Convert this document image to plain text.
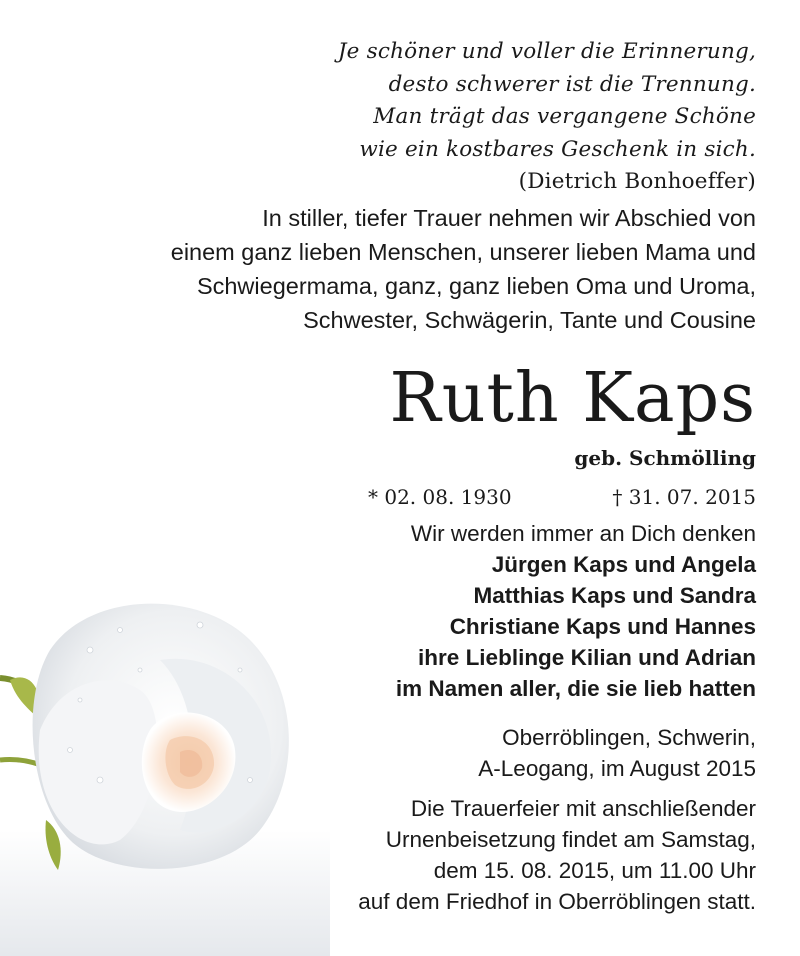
Je schöner und voller die Erinnerung,
desto schwerer ist die Trennung.
Man trägt das vergangene Schöne
wie ein kostbares Geschenk in sich.
(Dietrich Bonhoeffer)
In stiller, tiefer Trauer nehmen wir Abschied von
einem ganz lieben Menschen, unserer lieben Mama und
Schwiegermama, ganz, ganz lieben Oma und Uroma,
Schwester, Schwägerin, Tante und Cousine
Ruth Kaps
geb. Schmölling
* 02. 08. 1930	† 31. 07. 2015
Wir werden immer an Dich denken
Jürgen Kaps und Angela
Matthias Kaps und Sandra
Christiane Kaps und Hannes
ihre Lieblinge Kilian und Adrian
im Namen aller, die sie lieb hatten
Oberröblingen, Schwerin,
A-Leogang, im August 2015
Die Trauerfeier mit anschließender
Urnenbeisetzung findet am Samstag,
dem 15. 08. 2015, um 11.00 Uhr
auf dem Friedhof in Oberröblingen statt.
